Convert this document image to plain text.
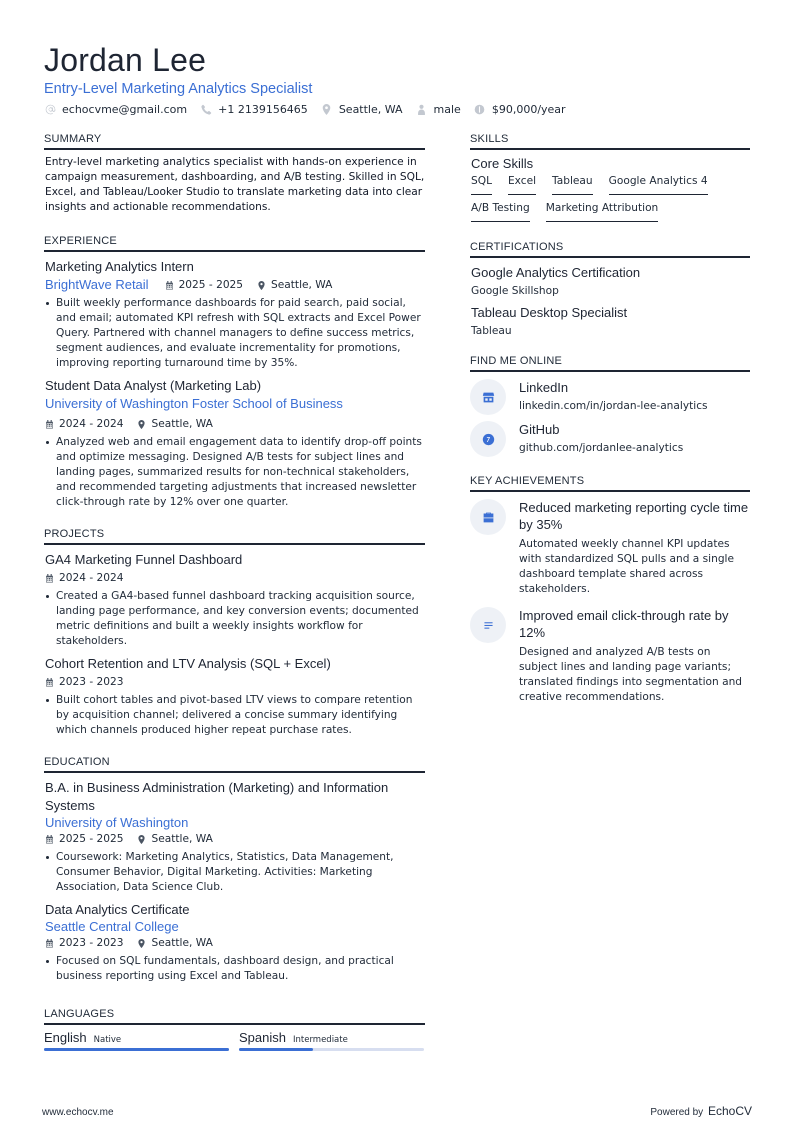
Jordan Lee
Entry-Level Marketing Analytics Specialist
echocvme@gmail.com	+1 2139156465	Seattle, WA	male	$90,000/year
SUMMARY
Entry-level marketing analytics specialist with hands-on experience in campaign measurement, dashboarding, and A/B testing. Skilled in SQL, Excel, and Tableau/Looker Studio to translate marketing data into clear insights and actionable recommendations.
EXPERIENCE
Marketing Analytics Intern
BrightWave Retail	2025 - 2025	Seattle, WA
Built weekly performance dashboards for paid search, paid social, and email; automated KPI refresh with SQL extracts and Excel Power Query. Partnered with channel managers to define success metrics, segment audiences, and evaluate incrementality for promotions, improving reporting turnaround time by 35%.
Student Data Analyst (Marketing Lab)
University of Washington Foster School of Business
2024 - 2024	Seattle, WA
Analyzed web and email engagement data to identify drop-off points and optimize messaging. Designed A/B tests for subject lines and landing pages, summarized results for non-technical stakeholders, and recommended targeting adjustments that increased newsletter click-through rate by 12% over one quarter.
PROJECTS
GA4 Marketing Funnel Dashboard
2024 - 2024
Created a GA4-based funnel dashboard tracking acquisition source, landing page performance, and key conversion events; documented metric definitions and built a weekly insights workflow for stakeholders.
Cohort Retention and LTV Analysis (SQL + Excel)
2023 - 2023
Built cohort tables and pivot-based LTV views to compare retention by acquisition channel; delivered a concise summary identifying which channels produced higher repeat purchase rates.
EDUCATION
B.A. in Business Administration (Marketing) and Information Systems
University of Washington
2025 - 2025	Seattle, WA
Coursework: Marketing Analytics, Statistics, Data Management, Consumer Behavior, Digital Marketing. Activities: Marketing Association, Data Science Club.
Data Analytics Certificate
Seattle Central College
2023 - 2023	Seattle, WA
Focused on SQL fundamentals, dashboard design, and practical business reporting using Excel and Tableau.
LANGUAGES
English Native	Spanish Intermediate
SKILLS
Core Skills
SQL Excel Tableau Google Analytics 4
A/B Testing Marketing Attribution
CERTIFICATIONS
Google Analytics Certification
Google Skillshop
Tableau Desktop Specialist
Tableau
FIND ME ONLINE
LinkedIn
linkedin.com/in/jordan-lee-analytics
GitHub
github.com/jordanlee-analytics
KEY ACHIEVEMENTS
Reduced marketing reporting cycle time by 35%
Automated weekly channel KPI updates with standardized SQL pulls and a single dashboard template shared across stakeholders.
Improved email click-through rate by 12%
Designed and analyzed A/B tests on subject lines and landing page variants; translated findings into segmentation and creative recommendations.
www.echocv.me	Powered by EchoCV
